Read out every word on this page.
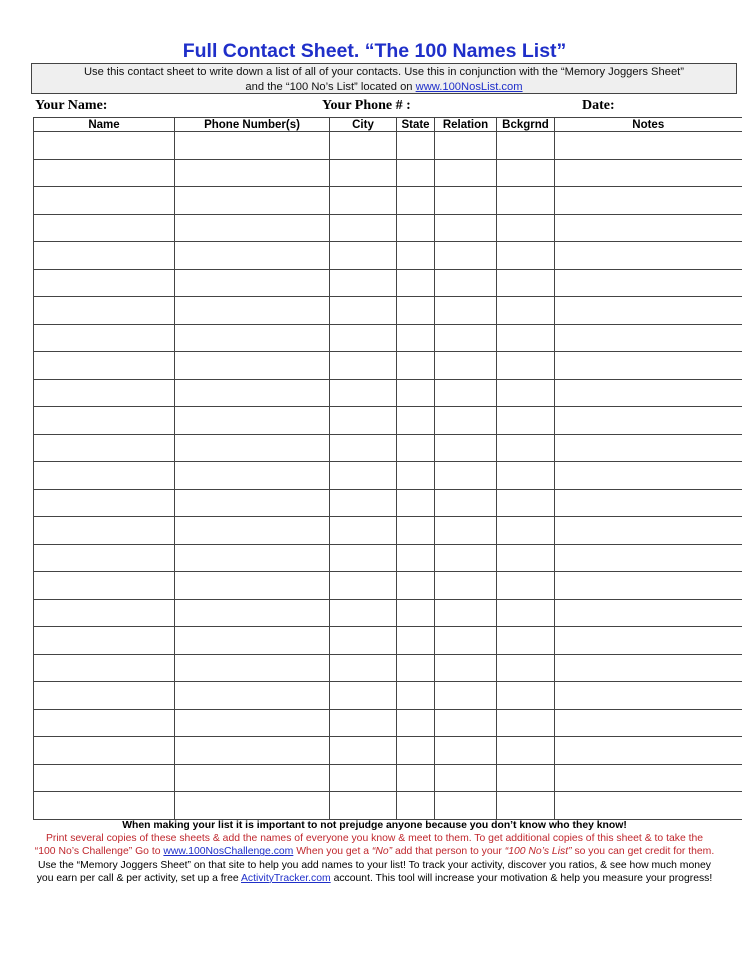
Full Contact Sheet. “The 100 Names List”
Use this contact sheet to write down a list of all of your contacts. Use this in conjunction with the “Memory Joggers Sheet”
and the “100 No’s List” located on www.100NosList.com
Your Name:	Your Phone # :	Date:
Name	Phone Number(s)	City	State	Relation	Bckgrnd	Notes

When making your list it is important to not prejudge anyone because you don’t know who they know!
Print several copies of these sheets & add the names of everyone you know & meet to them. To get additional copies of this sheet & to take the
“100 No’s Challenge” Go to www.100NosChallenge.com When you get a “No” add that person to your “100 No’s List” so you can get credit for them.
Use the “Memory Joggers Sheet” on that site to help you add names to your list! To track your activity, discover you ratios, & see how much money
you earn per call & per activity, set up a free ActivityTracker.com account. This tool will increase your motivation & help you measure your progress!
